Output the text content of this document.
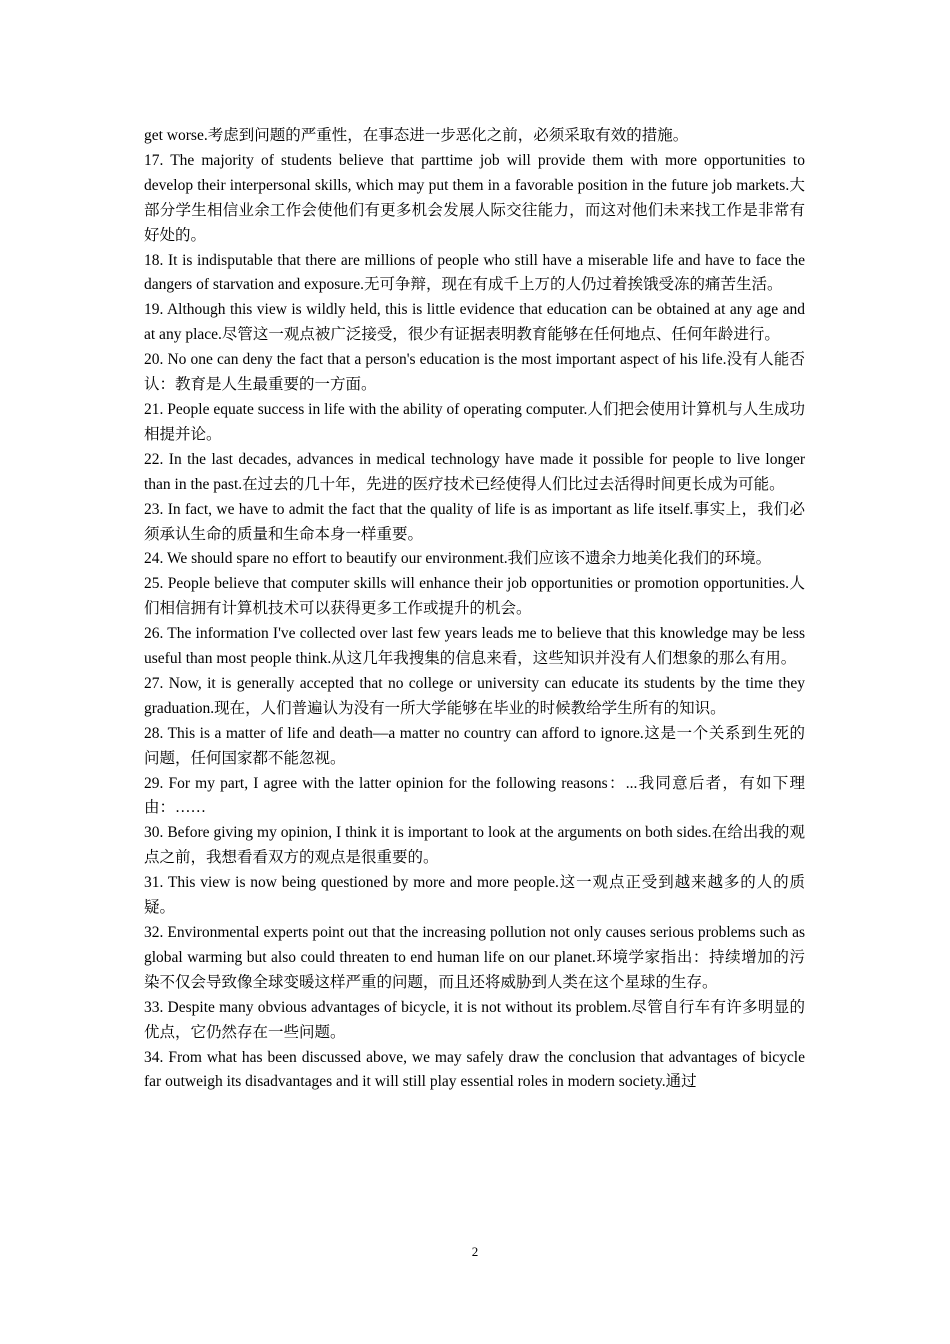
get worse.考虑到问题的严重性，在事态进一步恶化之前，必须采取有效的措施。

17. The majority of students believe that parttime job will provide them with more opportunities to develop their interpersonal skills, which may put them in a favorable position in the future job markets.大部分学生相信业余工作会使他们有更多机会发展人际交往能力，而这对他们未来找工作是非常有好处的。

18. It is indisputable that there are millions of people who still have a miserable life and have to face the dangers of starvation and exposure.无可争辩，现在有成千上万的人仍过着挨饿受冻的痛苦生活。

19. Although this view is wildly held, this is little evidence that education can be obtained at any age and at any place.尽管这一观点被广泛接受，很少有证据表明教育能够在任何地点、任何年龄进行。

20. No one can deny the fact that a person's education is the most important aspect of his life.没有人能否认：教育是人生最重要的一方面。

21. People equate success in life with the ability of operating computer.人们把会使用计算机与人生成功相提并论。

22. In the last decades, advances in medical technology have made it possible for people to live longer than in the past.在过去的几十年，先进的医疗技术已经使得人们比过去活得时间更长成为可能。

23. In fact, we have to admit the fact that the quality of life is as important as life itself.事实上，我们必须承认生命的质量和生命本身一样重要。

24. We should spare no effort to beautify our environment.我们应该不遗余力地美化我们的环境。

25. People believe that computer skills will enhance their job opportunities or promotion opportunities.人们相信拥有计算机技术可以获得更多工作或提升的机会。

26. The information I've collected over last few years leads me to believe that this knowledge may be less useful than most people think.从这几年我搜集的信息来看，这些知识并没有人们想象的那么有用。

27. Now, it is generally accepted that no college or university can educate its students by the time they graduation.现在，人们普遍认为没有一所大学能够在毕业的时候教给学生所有的知识。

28. This is a matter of life and death—a matter no country can afford to ignore.这是一个关系到生死的问题，任何国家都不能忽视。

29. For my part, I agree with the latter opinion for the following reasons：...我同意后者，有如下理由：……

30. Before giving my opinion, I think it is important to look at the arguments on both sides.在给出我的观点之前，我想看看双方的观点是很重要的。

31. This view is now being questioned by more and more people.这一观点正受到越来越多的人的质疑。

32. Environmental experts point out that the increasing pollution not only causes serious problems such as global warming but also could threaten to end human life on our planet.环境学家指出：持续增加的污染不仅会导致像全球变暖这样严重的问题，而且还将威胁到人类在这个星球的生存。

33. Despite many obvious advantages of bicycle, it is not without its problem.尽管自行车有许多明显的优点，它仍然存在一些问题。

34. From what has been discussed above, we may safely draw the conclusion that advantages of bicycle far outweigh its disadvantages and it will still play essential roles in modern society.通过

2
